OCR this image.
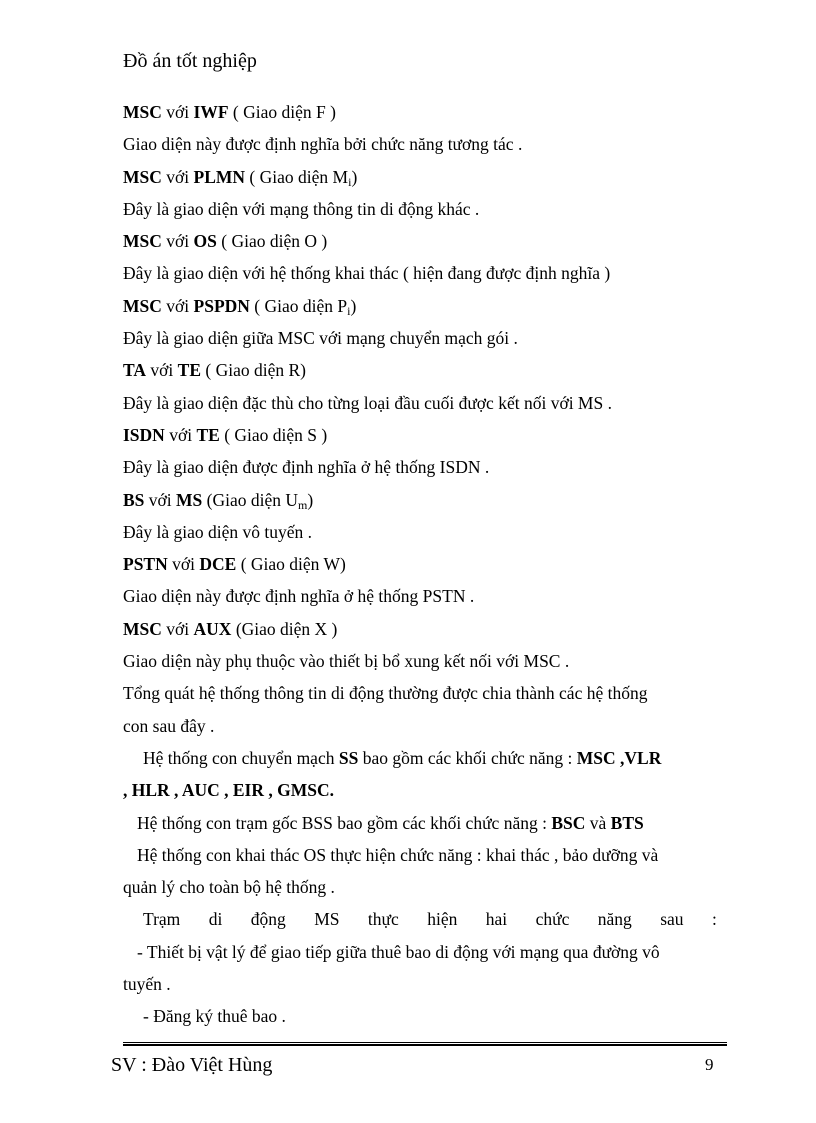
Đồ án tốt nghiệp
MSC với IWF ( Giao diện F )
Giao diện này được định nghĩa bởi chức năng tương tác .
MSC với PLMN ( Giao diện $M_i$)
Đây là giao diện với mạng thông tin di động khác .
MSC với OS ( Giao diện O )
Đây là giao diện với hệ thống khai thác ( hiện đang được định nghĩa )
MSC với PSPDN ( Giao diện $P_i$)
Đây là giao diện giữa MSC với mạng chuyển mạch gói .
TA với TE ( Giao diện R)
Đây là giao diện đặc thù cho từng loại đầu cuối được kết nối với MS .
ISDN với TE ( Giao diện S )
Đây là giao diện được định nghĩa ở hệ thống ISDN .
BS với MS (Giao diện $U_m$)
Đây là giao diện vô tuyến .
PSTN với DCE ( Giao diện W)
Giao diện này được định nghĩa ở hệ thống PSTN .
MSC với AUX (Giao diện X )
Giao diện này phụ thuộc vào thiết bị bổ xung kết nối với MSC .
Tổng quát hệ thống thông tin di động thường được chia thành các hệ thống
con sau đây .
Hệ thống con chuyển mạch SS bao gồm các khối chức năng : MSC ,VLR
, HLR , AUC , EIR , GMSC.
Hệ thống con trạm gốc BSS bao gồm các khối chức năng : BSC và BTS
Hệ thống con khai thác OS thực hiện chức năng : khai thác , bảo dưỡng và
quản lý cho toàn bộ hệ thống .
Trạm di động MS thực hiện hai chức năng sau :
- Thiết bị vật lý để giao tiếp giữa thuê bao di động với mạng qua đường vô
tuyến .
- Đăng ký thuê bao .
SV : Đào Việt Hùng	9
